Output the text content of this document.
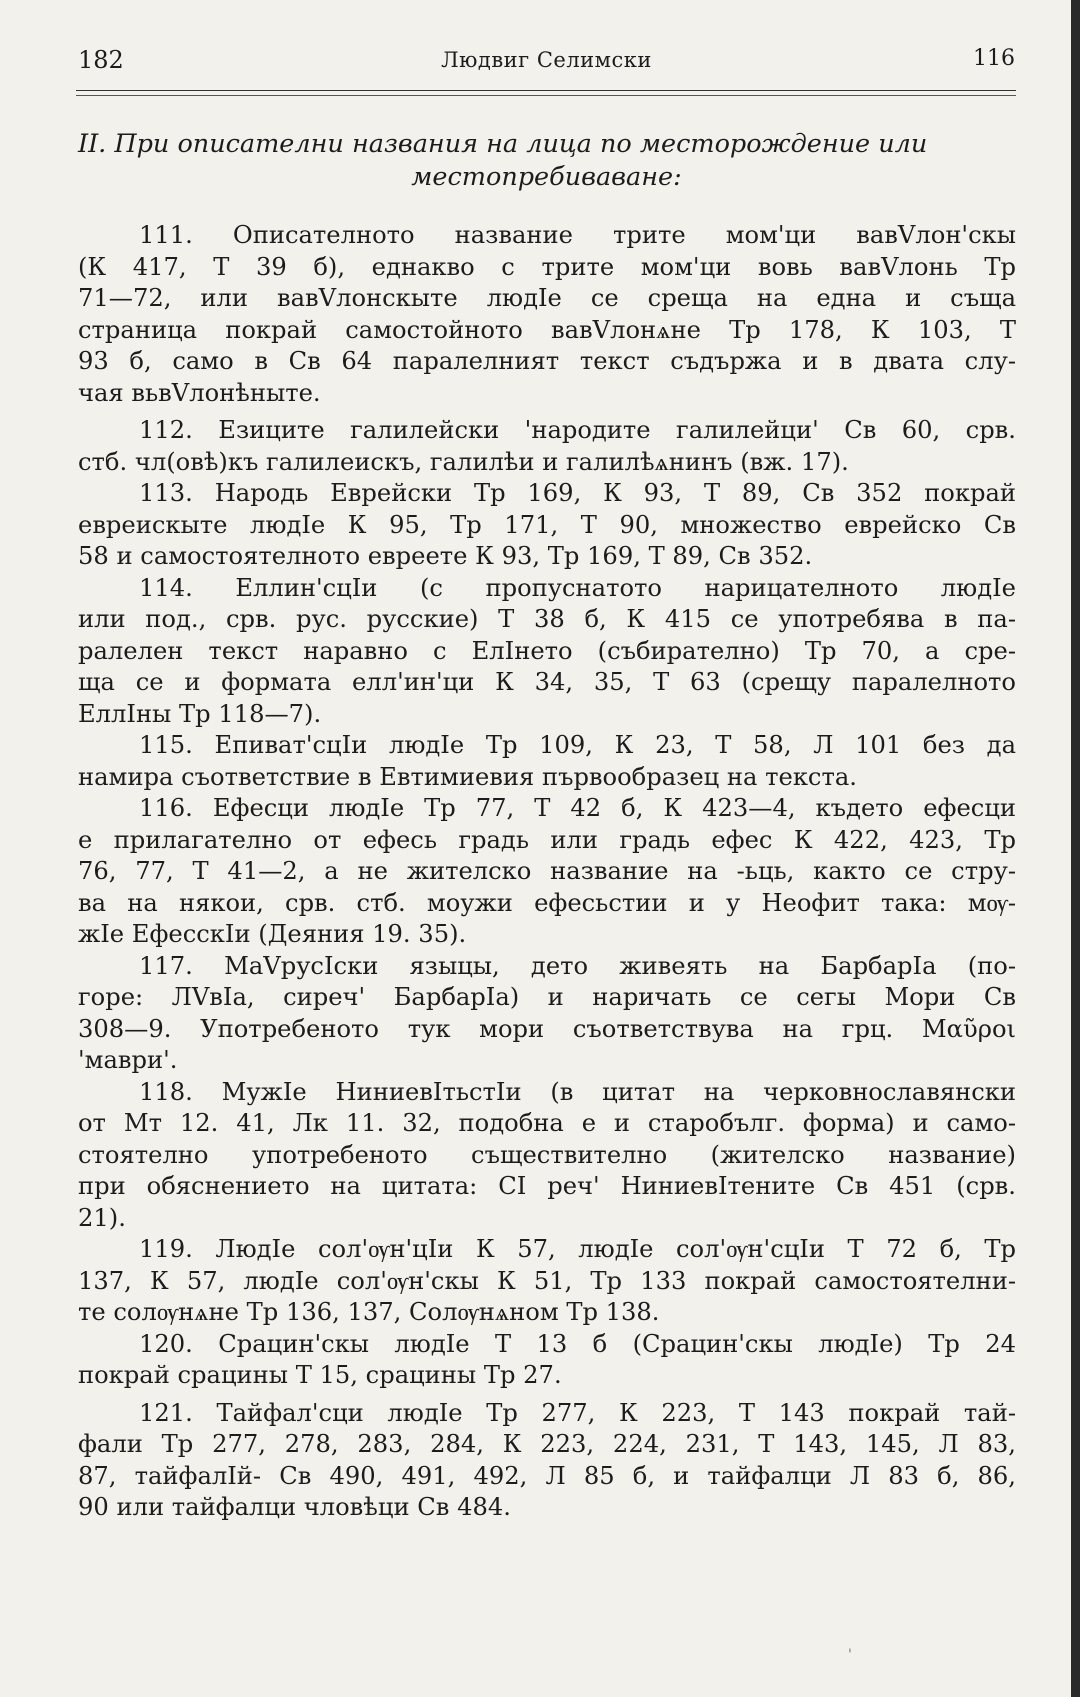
182	Людвиг Селимски	116
II. При описателни названия на лица по месторождение или
местопребиваване:
111. Описателното название трите мом'ци вавVлон'скы
(К 417, Т 39 б), еднакво с трите мом'ци вовь вавVлонь Тр
71—72, или вавVлонскыте людIе се среща на една и съща
страница покрай самостойното вавVлонѧне Тр 178, К 103, Т
93 б, само в Св 64 паралелният текст съдържа и в двата слу-
чая вьвVлонѣныте.
112. Езиците галилейски 'народите галилейци' Св 60, срв.
стб. чл(овѣ)къ галилеискъ, галилѣи и галилѣѧнинъ (вж. 17).
113. Народь Еврейски Тр 169, К 93, Т 89, Св 352 покрай
евреискыте людIе К 95, Тр 171, Т 90, множество еврейско Св
58 и самостоятелното евреете К 93, Тр 169, Т 89, Св 352.
114. Еллин'сцIи (с пропуснатото нарицателното людIе
или под., срв. рус. русские) Т 38 б, К 415 се употребява в па-
ралелен текст наравно с ЕлIнето (събирателно) Тр 70, а сре-
ща се и формата елл'ин'ци К 34, 35, Т 63 (срещу паралелното
ЕллIны Тр 118—7).
115. Епиват'сцIи людIе Тр 109, К 23, Т 58, Л 101 без да
намира съответствие в Евтимиевия първообразец на текста.
116. Ефесци людIе Тр 77, Т 42 б, К 423—4, където ефесци
е прилагателно от ефесь градь или градь ефес К 422, 423, Тр
76, 77, Т 41—2, а не жителско название на -ьць, както се стру-
ва на някои, срв. стб. моужи ефесьстии и у Неофит така: мѹ-
жIе ЕфесскIи (Деяния 19. 35).
117. МаVрусIски языцы, дето живеять на БарбарIа (по-
горе: ЛVвIа, сиреч' БарбарIа) и наричать се сегы Мори Св
308—9. Употребеното тук мори съответствува на грц. Μαῦροι
'маври'.
118. МужIе НиниевIтьстIи (в цитат на черковнославянски
от Мт 12. 41, Лк 11. 32, подобна е и старобълг. форма) и само-
стоятелно употребеното съществително (жителско название)
при обяснението на цитата: СI реч' НиниевIтените Св 451 (срв.
21).
119. ЛюдIе сол'ѹн'цIи К 57, людIе сол'ѹн'сцIи Т 72 б, Тр
137, К 57, людIе сол'ѹн'скы К 51, Тр 133 покрай самостоятелни-
те солѹнѧне Тр 136, 137, Солѹнѧном Тр 138.
120. Срацин'скы людIе Т 13 б (Срацин'скы людIе) Тр 24
покрай срацины Т 15, срацины Тр 27.
121. Тайфал'сци людIе Тр 277, К 223, Т 143 покрай тай-
фали Тр 277, 278, 283, 284, К 223, 224, 231, Т 143, 145, Л 83,
87, тайфалIй- Св 490, 491, 492, Л 85 б, и тайфалци Л 83 б, 86,
90 или тайфалци чловѣци Св 484.
'
